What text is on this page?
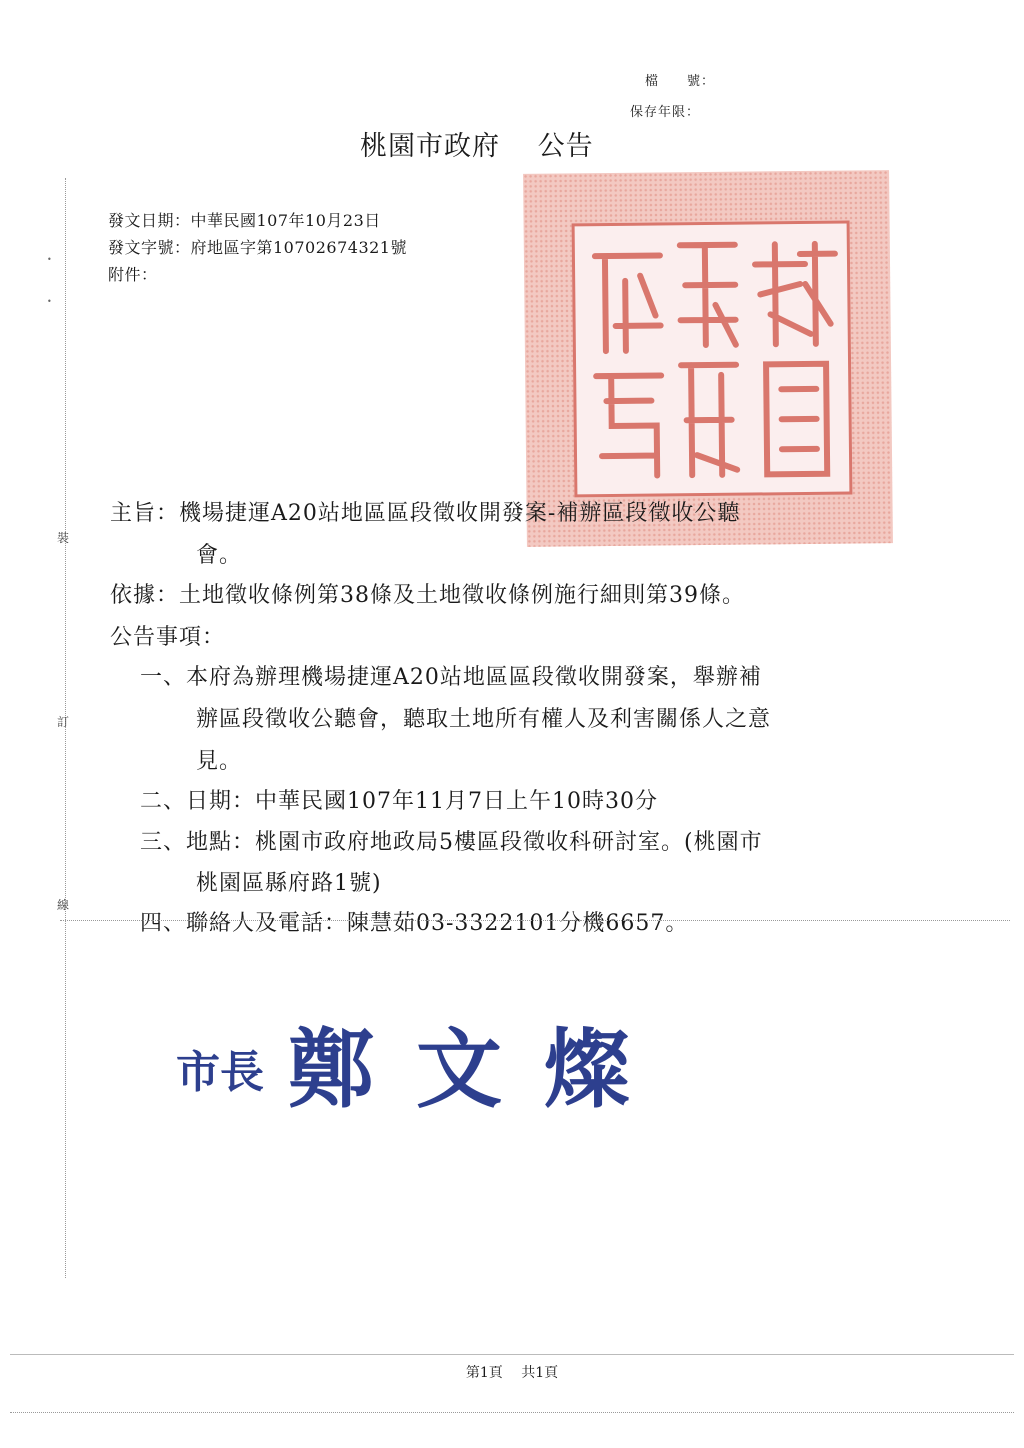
檔　　號：
保存年限：
桃園市政府　 公告
•
•
裝
訂
線
發文日期：中華民國107年10月23日
發文字號：府地區字第10702674321號
附件：
主旨：機場捷運A20站地區區段徵收開發案-補辦區段徵收公聽
會。
依據：土地徵收條例第38條及土地徵收條例施行細則第39條。
公告事項：
一、本府為辦理機場捷運A20站地區區段徵收開發案，舉辦補
辦區段徵收公聽會，聽取土地所有權人及利害關係人之意
見。
二、日期：中華民國107年11月7日上午10時30分
三、地點：桃園市政府地政局5樓區段徵收科研討室。(桃園市
桃園區縣府路1號)
四、聯絡人及電話：陳慧茹03-3322101分機6657。
市長 鄭 文 燦
第1頁　 共1頁
